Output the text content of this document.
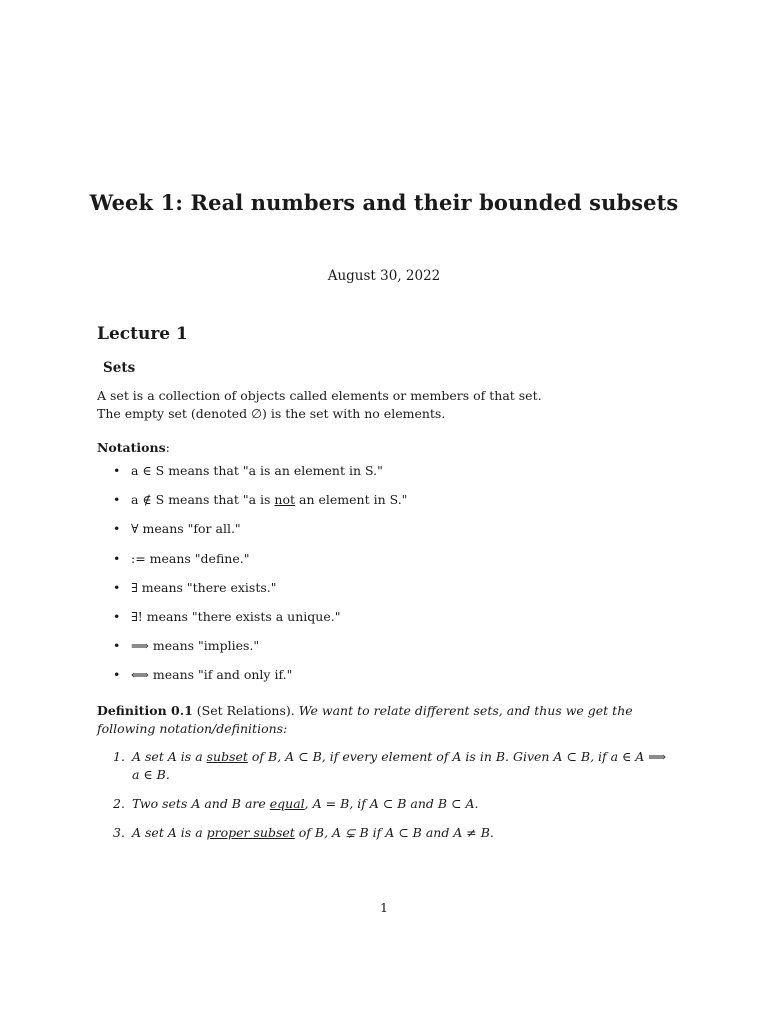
Week 1: Real numbers and their bounded subsets
August 30, 2022
Lecture 1
Sets
A set is a collection of objects called elements or members of that set.
The empty set (denoted ∅) is the set with no elements.
Notations:
• a ∈ S means that "a is an element in S."
• a ∉ S means that "a is not an element in S."
• ∀ means "for all."
• := means "define."
• ∃ means "there exists."
• ∃! means "there exists a unique."
• ⟹ means "implies."
• ⟺ means "if and only if."
Definition 0.1 (Set Relations). We want to relate different sets, and thus we get the following notation/definitions:
1. A set A is a subset of B, A ⊂ B, if every element of A is in B. Given A ⊂ B, if a ∈ A ⟹ a ∈ B.
2. Two sets A and B are equal, A = B, if A ⊂ B and B ⊂ A.
3. A set A is a proper subset of B, A ⊊ B if A ⊂ B and A ≠ B.
1
